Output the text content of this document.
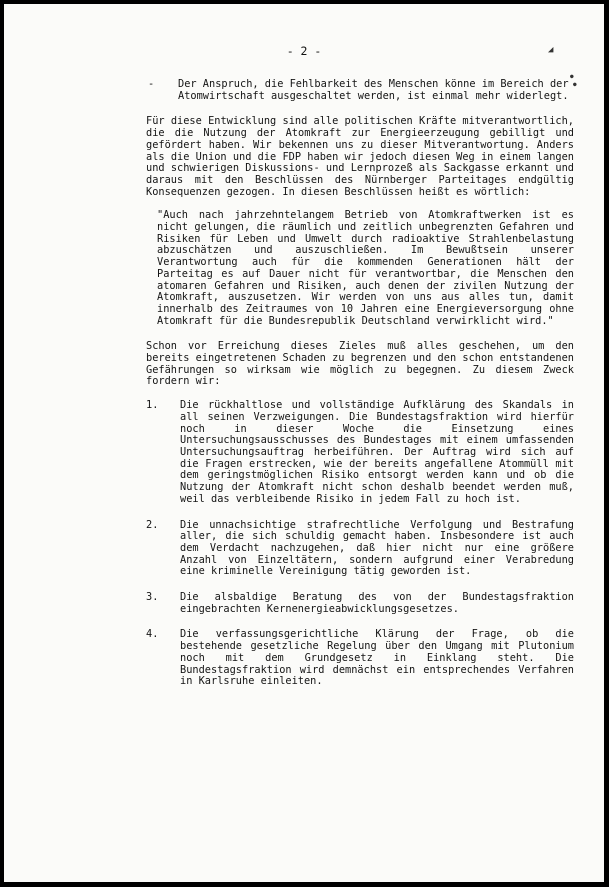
- 2 -	◢
●
●
-	Der Anspruch, die Fehlbarkeit des Menschen könne im Bereich der Atomwirtschaft ausgeschaltet werden, ist einmal mehr widerlegt.

Für diese Entwicklung sind alle politischen Kräfte mitverantwortlich, die die Nutzung der Atomkraft zur Energieerzeugung gebilligt und gefördert haben. Wir bekennen uns zu dieser Mitverantwortung. Anders als die Union und die FDP haben wir jedoch diesen Weg in einem langen und schwierigen Diskussions- und Lernprozeß als Sackgasse erkannt und daraus mit den Beschlüssen des Nürnberger Parteitages endgültig Konsequenzen gezogen. In diesen Beschlüssen heißt es wörtlich:

"Auch nach jahrzehntelangem Betrieb von Atomkraftwerken ist es nicht gelungen, die räumlich und zeitlich unbegrenzten Gefahren und Risiken für Leben und Umwelt durch radioaktive Strahlenbelastung abzuschätzen und auszuschließen. Im Bewußtsein unserer Verantwortung auch für die kommenden Generationen hält der Parteitag es auf Dauer nicht für verantwortbar, die Menschen den atomaren Gefahren und Risiken, auch denen der zivilen Nutzung der Atomkraft, auszusetzen. Wir werden von uns aus alles tun, damit innerhalb des Zeitraumes von 10 Jahren eine Energieversorgung ohne Atomkraft für die Bundesrepublik Deutschland verwirklicht wird."

Schon vor Erreichung dieses Zieles muß alles geschehen, um den bereits eingetretenen Schaden zu begrenzen und den schon entstandenen Gefährungen so wirksam wie möglich zu begegnen. Zu diesem Zweck fordern wir:

1.	Die rückhaltlose und vollständige Aufklärung des Skandals in all seinen Verzweigungen. Die Bundestagsfraktion wird hierfür noch in dieser Woche die Einsetzung eines Untersuchungsausschusses des Bundestages mit einem umfassenden Untersuchungsauftrag herbeiführen. Der Auftrag wird sich auf die Fragen erstrecken, wie der bereits angefallene Atommüll mit dem geringstmöglichen Risiko entsorgt werden kann und ob die Nutzung der Atomkraft nicht schon deshalb beendet werden muß, weil das verbleibende Risiko in jedem Fall zu hoch ist.
2.	Die unnachsichtige strafrechtliche Verfolgung und Bestrafung aller, die sich schuldig gemacht haben. Insbesondere ist auch dem Verdacht nachzugehen, daß hier nicht nur eine größere Anzahl von Einzeltätern, sondern aufgrund einer Verabredung eine kriminelle Vereinigung tätig geworden ist.
3.	Die alsbaldige Beratung des von der Bundestagsfraktion eingebrachten Kernenergieabwicklungsgesetzes.
4.	Die verfassungsgerichtliche Klärung der Frage, ob die bestehende gesetzliche Regelung über den Umgang mit Plutonium noch mit dem Grundgesetz in Einklang steht. Die Bundestagsfraktion wird demnächst ein entsprechendes Verfahren in Karlsruhe einleiten.
